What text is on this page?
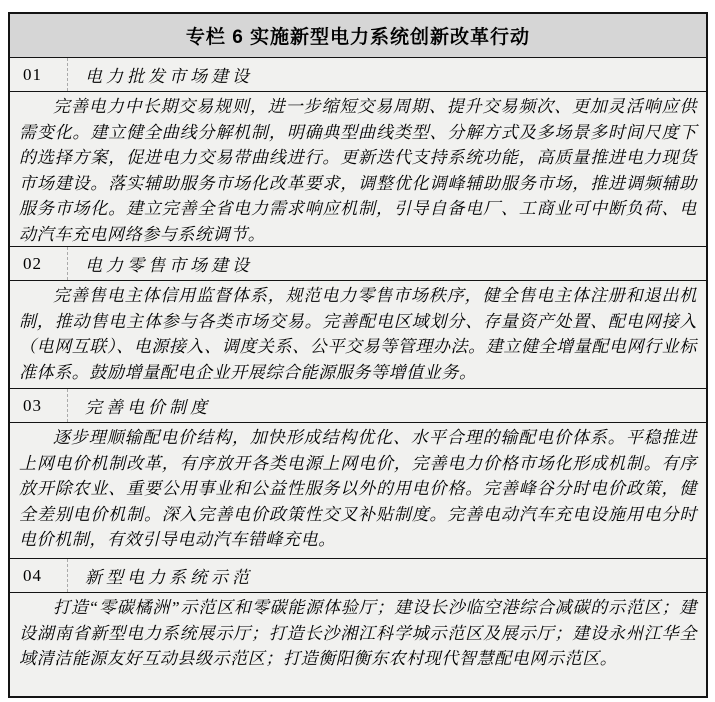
专栏 6 实施新型电力系统创新改革行动
01	电力批发市场建设

完善电力中长期交易规则，进一步缩短交易周期、提升交易频次、更加灵活响应供需变化。建立健全曲线分解机制，明确典型曲线类型、分解方式及多场景多时间尺度下的选择方案，促进电力交易带曲线进行。更新迭代支持系统功能，高质量推进电力现货市场建设。落实辅助服务市场化改革要求，调整优化调峰辅助服务市场，推进调频辅助服务市场化。建立完善全省电力需求响应机制，引导自备电厂、工商业可中断负荷、电动汽车充电网络参与系统调节。

02	电力零售市场建设

完善售电主体信用监督体系，规范电力零售市场秩序，健全售电主体注册和退出机制，推动售电主体参与各类市场交易。完善配电区域划分、存量资产处置、配电网接入（电网互联）、电源接入、调度关系、公平交易等管理办法。建立健全增量配电网行业标准体系。鼓励增量配电企业开展综合能源服务等增值业务。

03	完善电价制度

逐步理顺输配电价结构，加快形成结构优化、水平合理的输配电价体系。平稳推进上网电价机制改革，有序放开各类电源上网电价，完善电力价格市场化形成机制。有序放开除农业、重要公用事业和公益性服务以外的用电价格。完善峰谷分时电价政策，健全差别电价机制。深入完善电价政策性交叉补贴制度。完善电动汽车充电设施用电分时电价机制，有效引导电动汽车错峰充电。

04	新型电力系统示范

打造“零碳橘洲”示范区和零碳能源体验厅；建设长沙临空港综合减碳的示范区；建设湖南省新型电力系统展示厅；打造长沙湘江科学城示范区及展示厅；建设永州江华全域清洁能源友好互动县级示范区；打造衡阳衡东农村现代智慧配电网示范区。
